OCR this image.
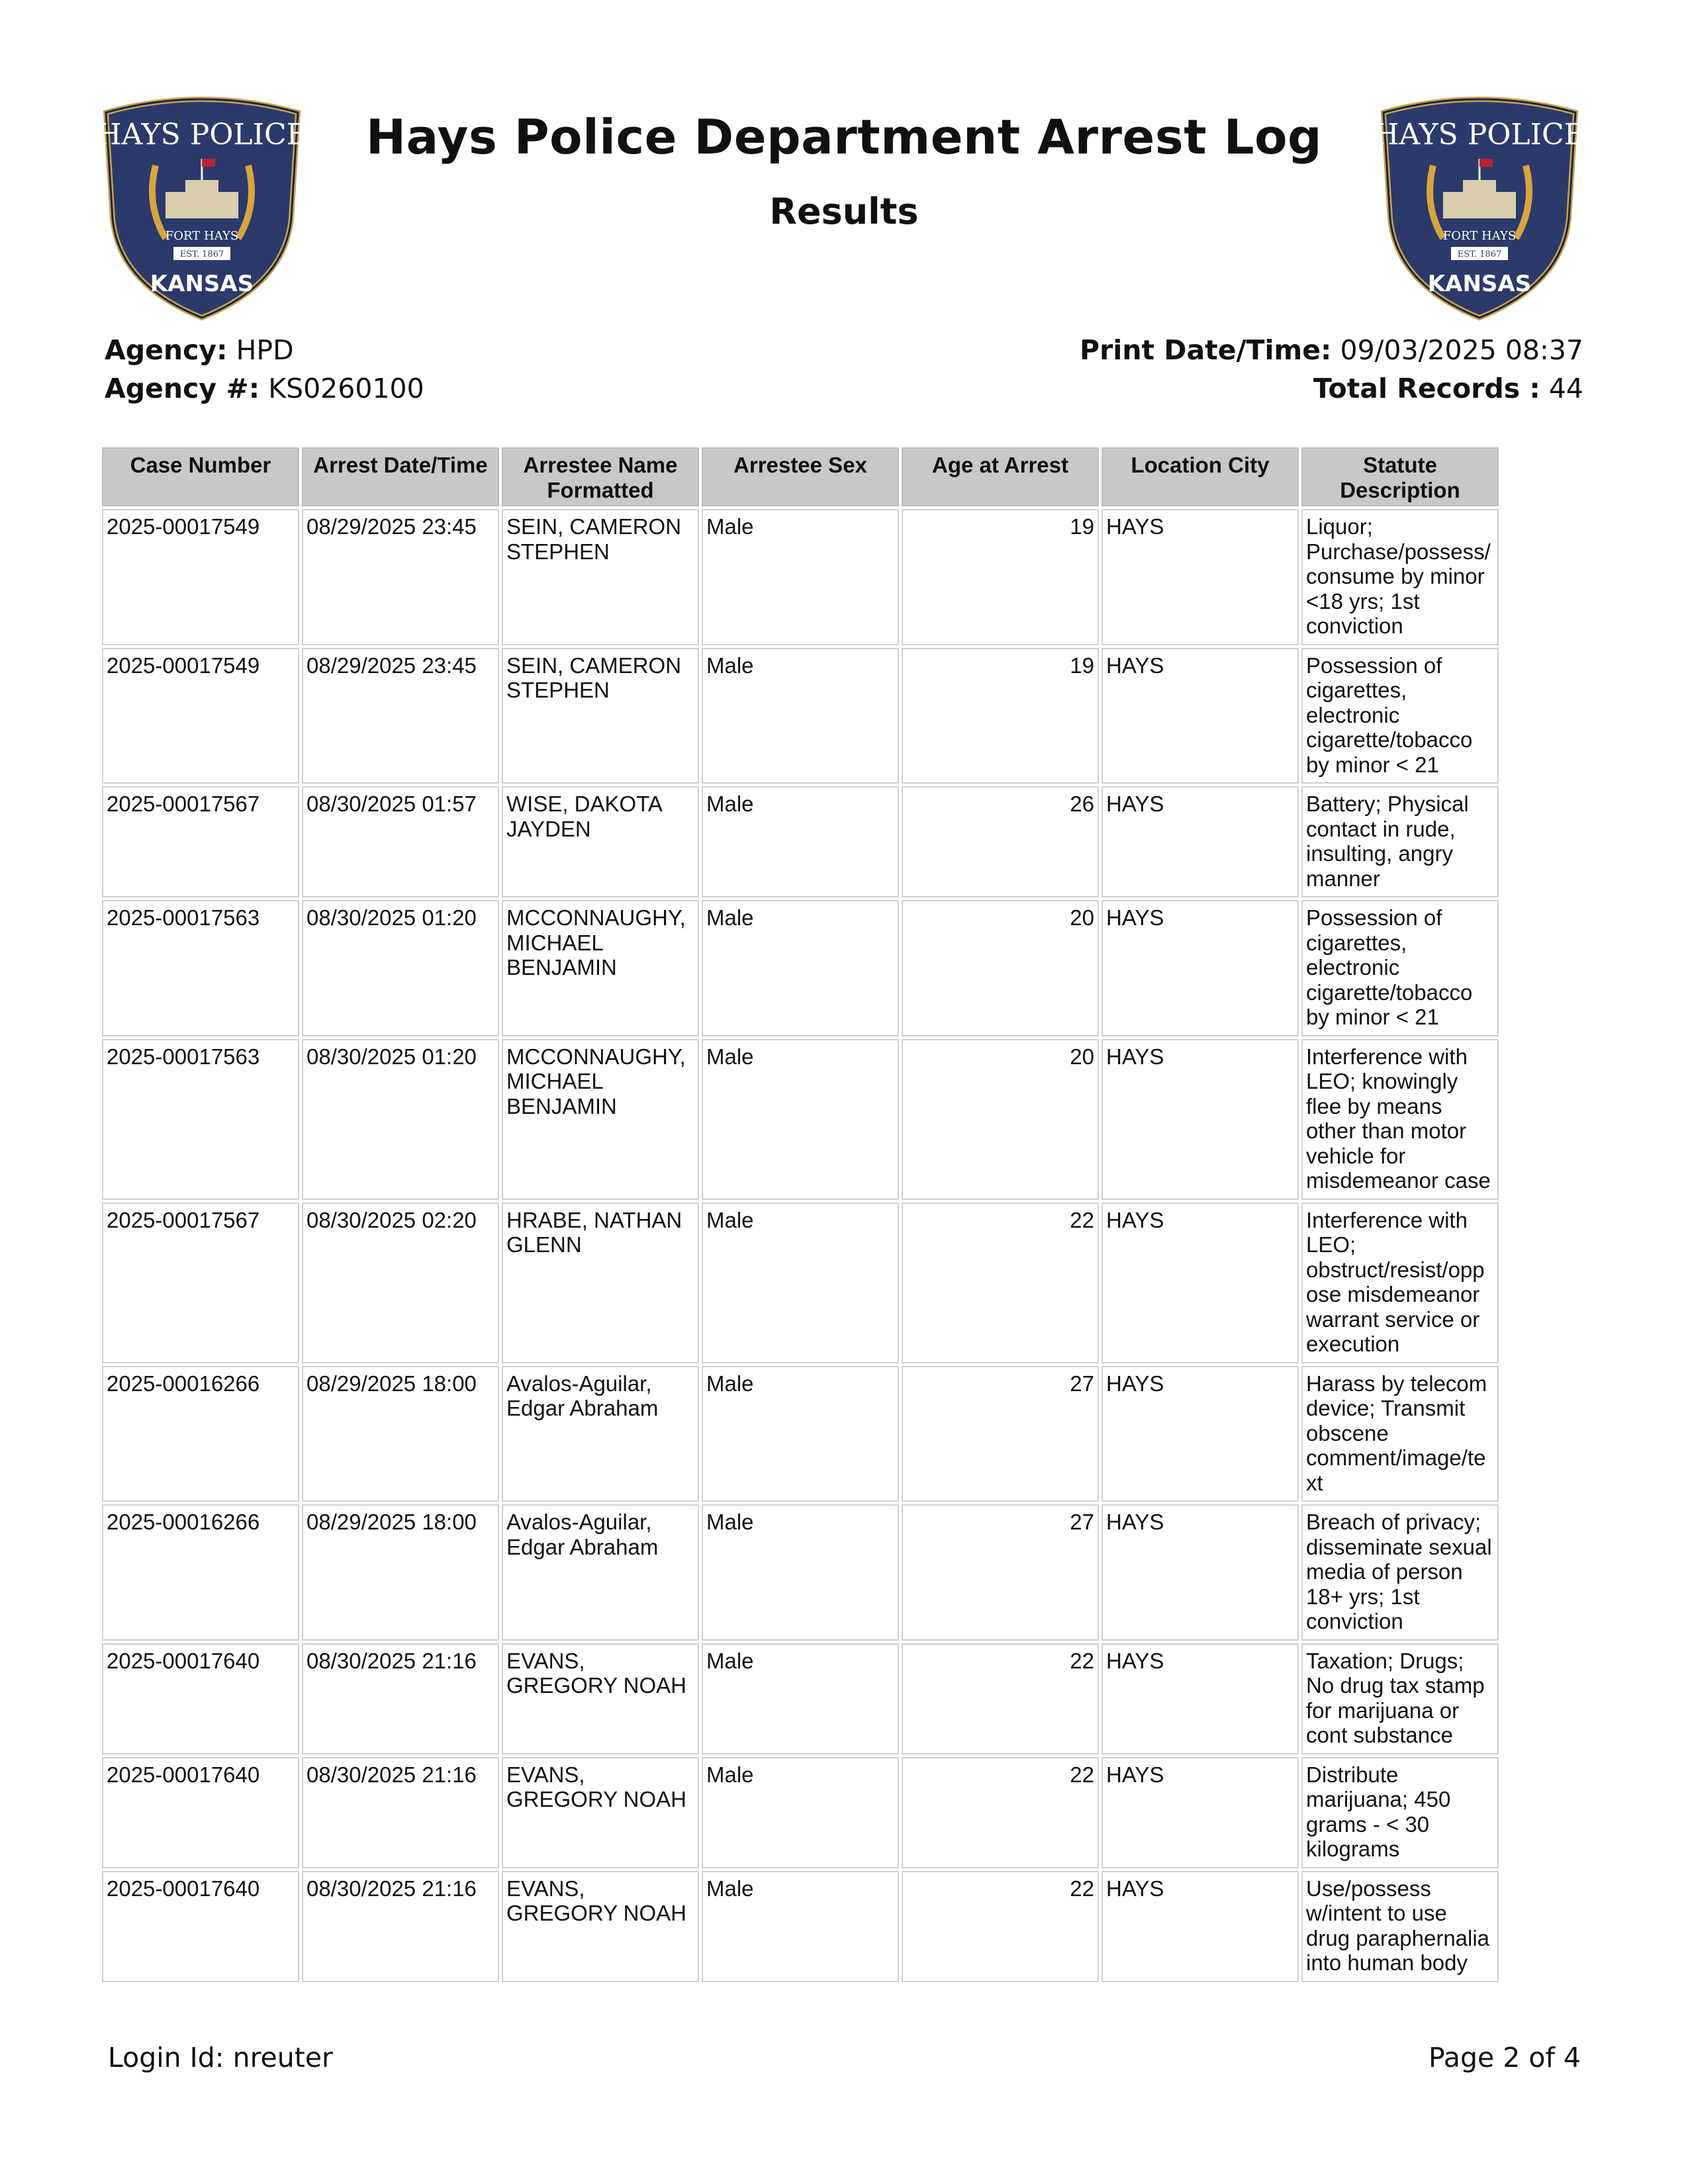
HAYS POLICE
FORT HAYS
EST. 1867
KANSAS
HAYS POLICE
FORT HAYS
EST. 1867
KANSAS
Hays Police Department Arrest Log
Results
Agency: HPD
Agency #: KS0260100
Print Date/Time: 09/03/2025 08:37
Total Records : 44
Case Number	Arrest Date/Time	Arrestee Name Formatted	Arrestee Sex	Age at Arrest	Location City	Statute Description
2025-00017549	08/29/2025 23:45	SEIN, CAMERON STEPHEN	Male	19	HAYS	Liquor; Purchase/possess/ consume by minor <18 yrs; 1st conviction
2025-00017549	08/29/2025 23:45	SEIN, CAMERON STEPHEN	Male	19	HAYS	Possession of cigarettes, electronic cigarette/tobacco by minor < 21
2025-00017567	08/30/2025 01:57	WISE, DAKOTA JAYDEN	Male	26	HAYS	Battery; Physical contact in rude, insulting, angry manner
2025-00017563	08/30/2025 01:20	MCCONNAUGHY, MICHAEL BENJAMIN	Male	20	HAYS	Possession of cigarettes, electronic cigarette/tobacco by minor < 21
2025-00017563	08/30/2025 01:20	MCCONNAUGHY, MICHAEL BENJAMIN	Male	20	HAYS	Interference with LEO; knowingly flee by means other than motor vehicle for misdemeanor case
2025-00017567	08/30/2025 02:20	HRABE, NATHAN GLENN	Male	22	HAYS	Interference with LEO; obstruct/resist/opp ose misdemeanor warrant service or execution
2025-00016266	08/29/2025 18:00	Avalos-Aguilar, Edgar Abraham	Male	27	HAYS	Harass by telecom device; Transmit obscene comment/image/te xt
2025-00016266	08/29/2025 18:00	Avalos-Aguilar, Edgar Abraham	Male	27	HAYS	Breach of privacy; disseminate sexual media of person 18+ yrs; 1st conviction
2025-00017640	08/30/2025 21:16	EVANS, GREGORY NOAH	Male	22	HAYS	Taxation; Drugs; No drug tax stamp for marijuana or cont substance
2025-00017640	08/30/2025 21:16	EVANS, GREGORY NOAH	Male	22	HAYS	Distribute marijuana; 450 grams - < 30 kilograms
2025-00017640	08/30/2025 21:16	EVANS, GREGORY NOAH	Male	22	HAYS	Use/possess w/intent to use drug paraphernalia into human body
Login Id: nreuter	Page 2 of 4
